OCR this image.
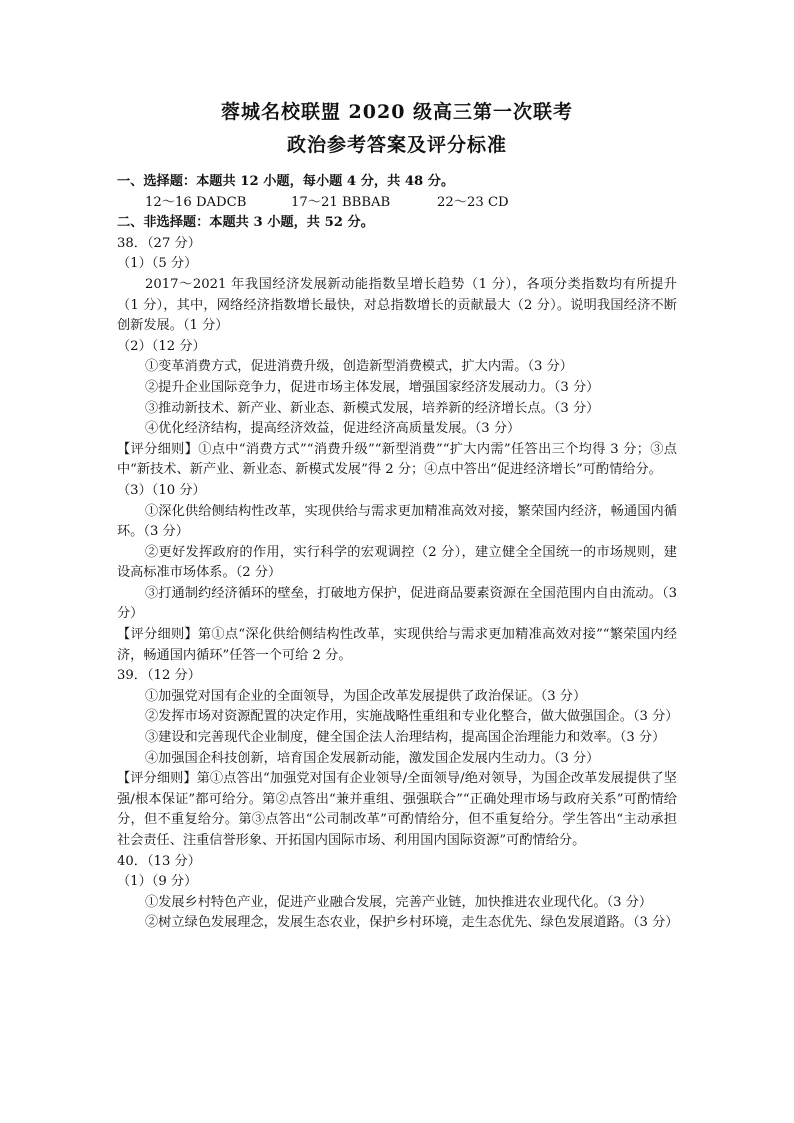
蓉城名校联盟 2020 级高三第一次联考
政治参考答案及评分标准
一、选择题：本题共 12 小题，每小题 4 分，共 48 分。
12～16 DADCB	17～21 BBBAB	22～23 CD
二、非选择题：本题共 3 小题，共 52 分。
38．（27 分）
（1）（5 分）
2017～2021 年我国经济发展新动能指数呈增长趋势（1 分），各项分类指数均有所提升（1 分），其中，网络经济指数增长最快，对总指数增长的贡献最大（2 分）。说明我国经济不断创新发展。（1 分）
（2）（12 分）
①变革消费方式，促进消费升级，创造新型消费模式，扩大内需。（3 分）
②提升企业国际竞争力，促进市场主体发展，增强国家经济发展动力。（3 分）
③推动新技术、新产业、新业态、新模式发展，培养新的经济增长点。（3 分）
④优化经济结构，提高经济效益，促进经济高质量发展。（3 分）
【评分细则】①点中“消费方式”“消费升级”“新型消费”“扩大内需”任答出三个均得 3 分；③点中“新技术、新产业、新业态、新模式发展”得 2 分；④点中答出“促进经济增长”可酌情给分。
（3）（10 分）
①深化供给侧结构性改革，实现供给与需求更加精准高效对接，繁荣国内经济，畅通国内循环。（3 分）
②更好发挥政府的作用，实行科学的宏观调控（2 分），建立健全全国统一的市场规则，建设高标准市场体系。（2 分）
③打通制约经济循环的壁垒，打破地方保护，促进商品要素资源在全国范围内自由流动。（3 分）
【评分细则】第①点“深化供给侧结构性改革，实现供给与需求更加精准高效对接”“繁荣国内经济，畅通国内循环”任答一个可给 2 分。
39．（12 分）
①加强党对国有企业的全面领导，为国企改革发展提供了政治保证。（3 分）
②发挥市场对资源配置的决定作用，实施战略性重组和专业化整合，做大做强国企。（3 分）
③建设和完善现代企业制度，健全国企法人治理结构，提高国企治理能力和效率。（3 分）
④加强国企科技创新，培育国企发展新动能，激发国企发展内生动力。（3 分）
【评分细则】第①点答出“加强党对国有企业领导/全面领导/绝对领导，为国企改革发展提供了坚强/根本保证”都可给分。第②点答出“兼并重组、强强联合”“正确处理市场与政府关系”可酌情给分，但不重复给分。第③点答出“公司制改革”可酌情给分，但不重复给分。学生答出“主动承担社会责任、注重信誉形象、开拓国内国际市场、利用国内国际资源”可酌情给分。
40．（13 分）
（1）（9 分）
①发展乡村特色产业，促进产业融合发展，完善产业链，加快推进农业现代化。（3 分）
②树立绿色发展理念，发展生态农业，保护乡村环境，走生态优先、绿色发展道路。（3 分）
